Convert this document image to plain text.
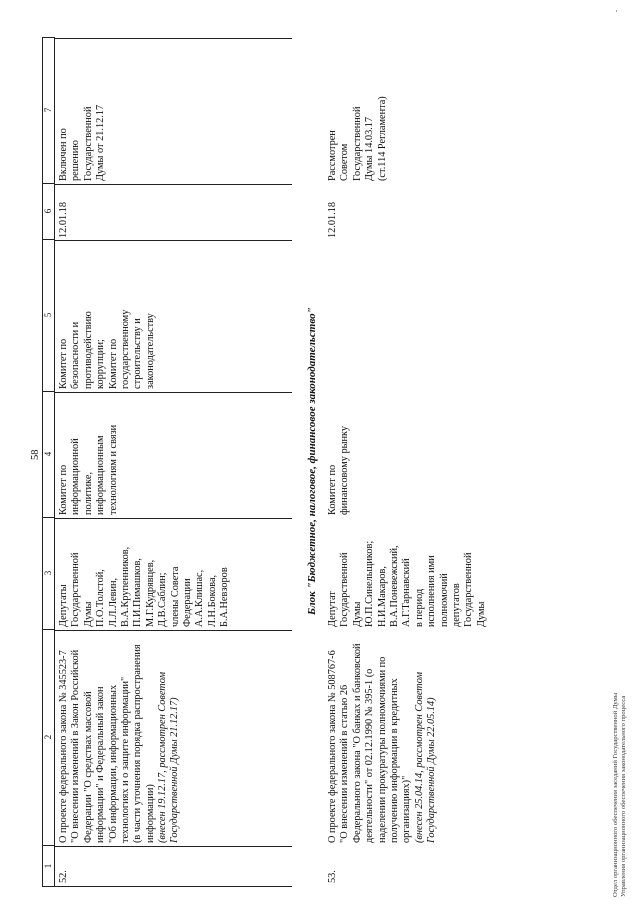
58
1
2
3
4
5
6
7
52.
О проекте федерального закона № 345523-7
"О внесении изменений в Закон Российской
Федерации "О средствах массовой
информации" и Федеральный закон
"Об информации, информационных
технологиях и о защите информации"
(в части уточнения порядка распространения
информации) (внесен 19.12.17, рассмотрен Советом
Государственной Думы 21.12.17)
Депутаты
Государственной
Думы
П.О.Толстой,
Л.Л.Левин,
В.А.Крупенников,
П.И.Пимашков,
М.Г.Кудрявцев,
Д.В.Саблин;
члены Совета
Федерации
А.А.Клишас,
Л.Н.Бокова,
Б.А.Невзоров
Комитет по
информационной
политике,
информационным
технологиям и связи
Комитет по
безопасности и
противодействию
коррупции;
Комитет по
государственному
строительству и
законодательству
12.01.18
Включен по
решению
Государственной
Думы от 21.12.17
Блок "Бюджетное, налоговое, финансовое законодательство"
53.
О проекте федерального закона № 508767-6
"О внесении изменений в статью 26
Федерального закона "О банках и банковской
деятельности" от 02.12.1990 № 395-1 (о
наделении прокуратуры полномочиями по
получению информации в кредитных
организациях)" (внесен 25.04.14, рассмотрен Советом
Государственной Думы 22.05.14)
Депутат
Государственной
Думы
Ю.П.Синельщиков;
Н.И.Макаров,
В.А.Поневежский,
А.Г.Тарнавский
в период
исполнения ими
полномочий
депутатов
Государственной
Думы
Комитет по
финансовому рынку
12.01.18
Рассмотрен
Советом
Государственной
Думы 14.03.17
(ст.114 Регламента)
Отдел организационного обеспечения заседаний Государственной Думы
Управления организационного обеспечения законодательного процесса
.
